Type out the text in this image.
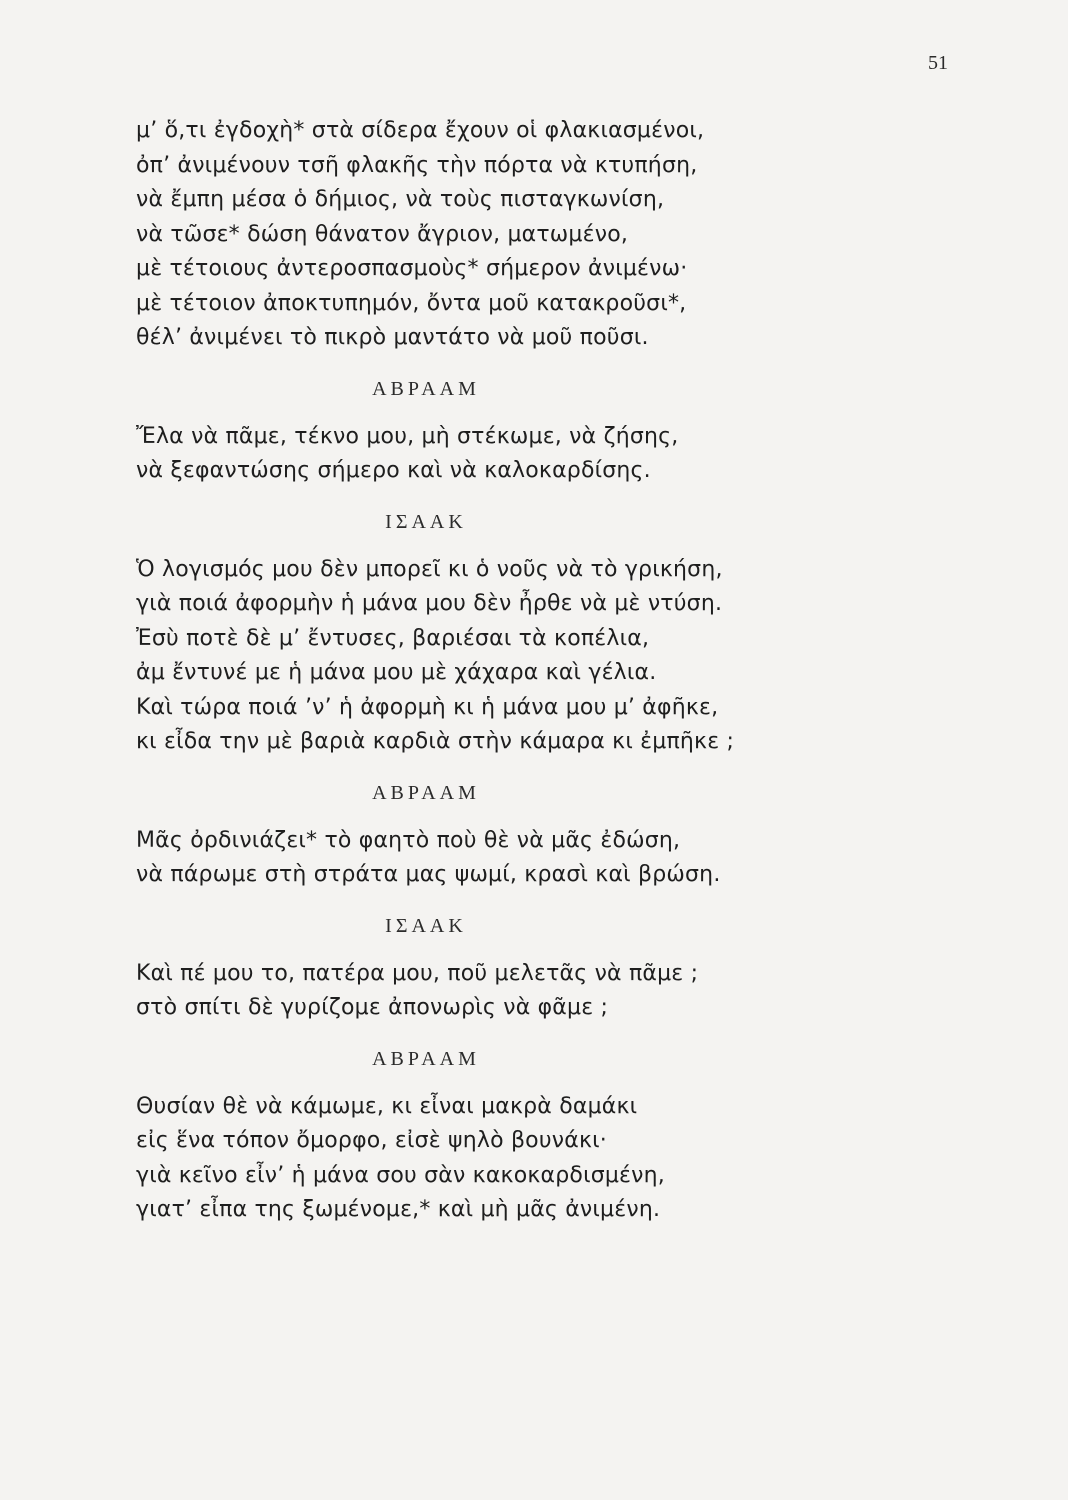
51
μ’ ὅ,τι ἐγδοχὴ* στὰ σίδερα ἔχουν οἱ φλακιασμένοι,
ὀπ’ ἀνιμένουν τσῆ φλακῆς τὴν πόρτα νὰ κτυπήση,
νὰ ἔμπη μέσα ὁ δήμιος, νὰ τοὺς πισταγκωνίση,
νὰ τῶσε* δώση θάνατον ἄγριον, ματωμένο,
μὲ τέτοιους ἀντεροσπασμοὺς* σήμερον ἀνιμένω·
μὲ τέτοιον ἀποκτυπημόν, ὄντα μοῦ κατακροῦσι*,
θέλ’ ἀνιμένει τὸ πικρὸ μαντάτο νὰ μοῦ ποῦσι.
ΑΒΡΑΑΜ
Ἔλα νὰ πᾶμε, τέκνο μου, μὴ στέκωμε, νὰ ζήσης,
νὰ ξεφαντώσης σήμερο καὶ νὰ καλοκαρδίσης.
ΙΣΑΑΚ
Ὁ λογισμός μου δὲν μπορεῖ κι ὁ νοῦς νὰ τὸ γρικήση,
γιὰ ποιά ἀφορμὴν ἡ μάνα μου δὲν ἦρθε νὰ μὲ ντύση.
Ἐσὺ ποτὲ δὲ μ’ ἔντυσες, βαριέσαι τὰ κοπέλια,
ἀμ ἔντυνέ με ἡ μάνα μου μὲ χάχαρα καὶ γέλια.
Καὶ τώρα ποιά ’ν’ ἡ ἀφορμὴ κι ἡ μάνα μου μ’ ἀφῆκε,
κι εἶδα την μὲ βαριὰ καρδιὰ στὴν κάμαρα κι ἐμπῆκε ;
ΑΒΡΑΑΜ
Μᾶς ὀρδινιάζει* τὸ φαητὸ ποὺ θὲ νὰ μᾶς ἐδώση,
νὰ πάρωμε στὴ στράτα μας ψωμί, κρασὶ καὶ βρώση.
ΙΣΑΑΚ
Καὶ πέ μου το, πατέρα μου, ποῦ μελετᾶς νὰ πᾶμε ;
στὸ σπίτι δὲ γυρίζομε ἀπονωρὶς νὰ φᾶμε ;
ΑΒΡΑΑΜ
Θυσίαν θὲ νὰ κάμωμε, κι εἶναι μακρὰ δαμάκι
εἰς ἕνα τόπον ὄμορφο, εἰσὲ ψηλὸ βουνάκι·
γιὰ κεῖνο εἶν’ ἡ μάνα σου σὰν κακοκαρδισμένη,
γιατ’ εἶπα της ξωμένομε,* καὶ μὴ μᾶς ἀνιμένη.
